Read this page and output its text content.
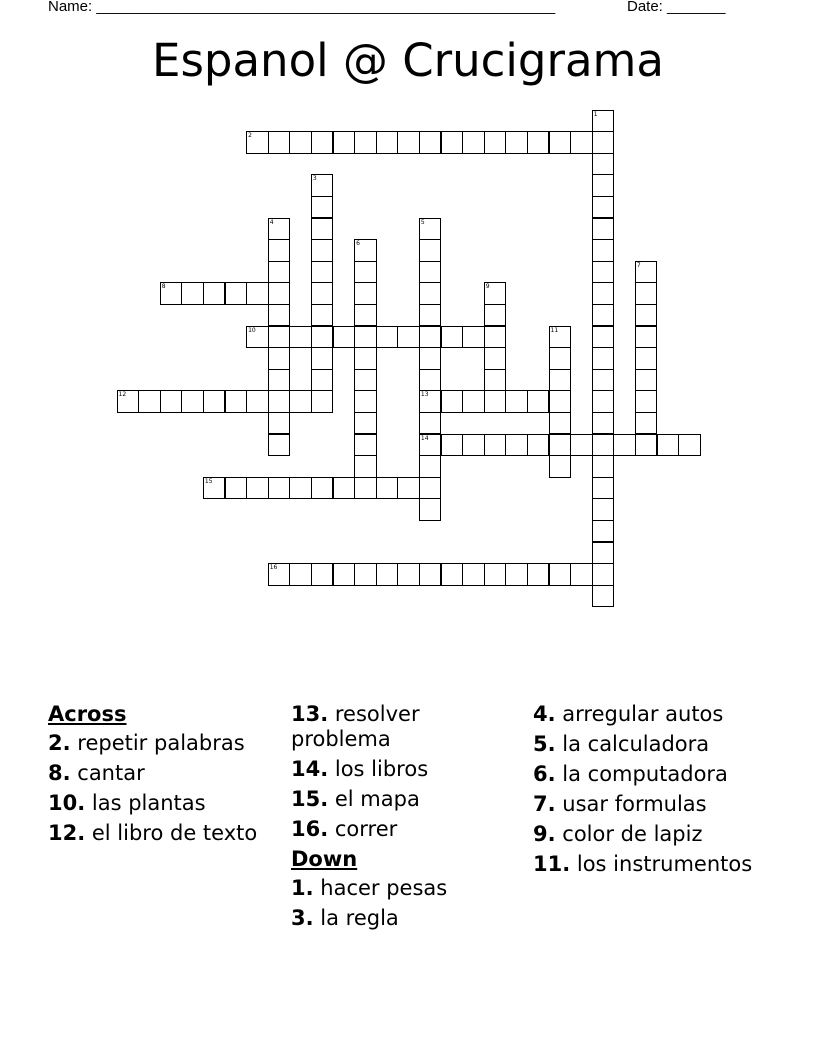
Name: _______________________________________________________	Date: _______
Espanol @ Crucigrama
1
2
3
4	5
13
14
6
7
8	9
10	11
12
15
16
Across
2. repetir palabras
8. cantar
10. las plantas
12. el libro de texto
13. resolver problema
14. los libros
15. el mapa
16. correr
Down
1. hacer pesas
3. la regla
4. arregular autos
5. la calculadora
6. la computadora
7. usar formulas
9. color de lapiz
11. los instrumentos
